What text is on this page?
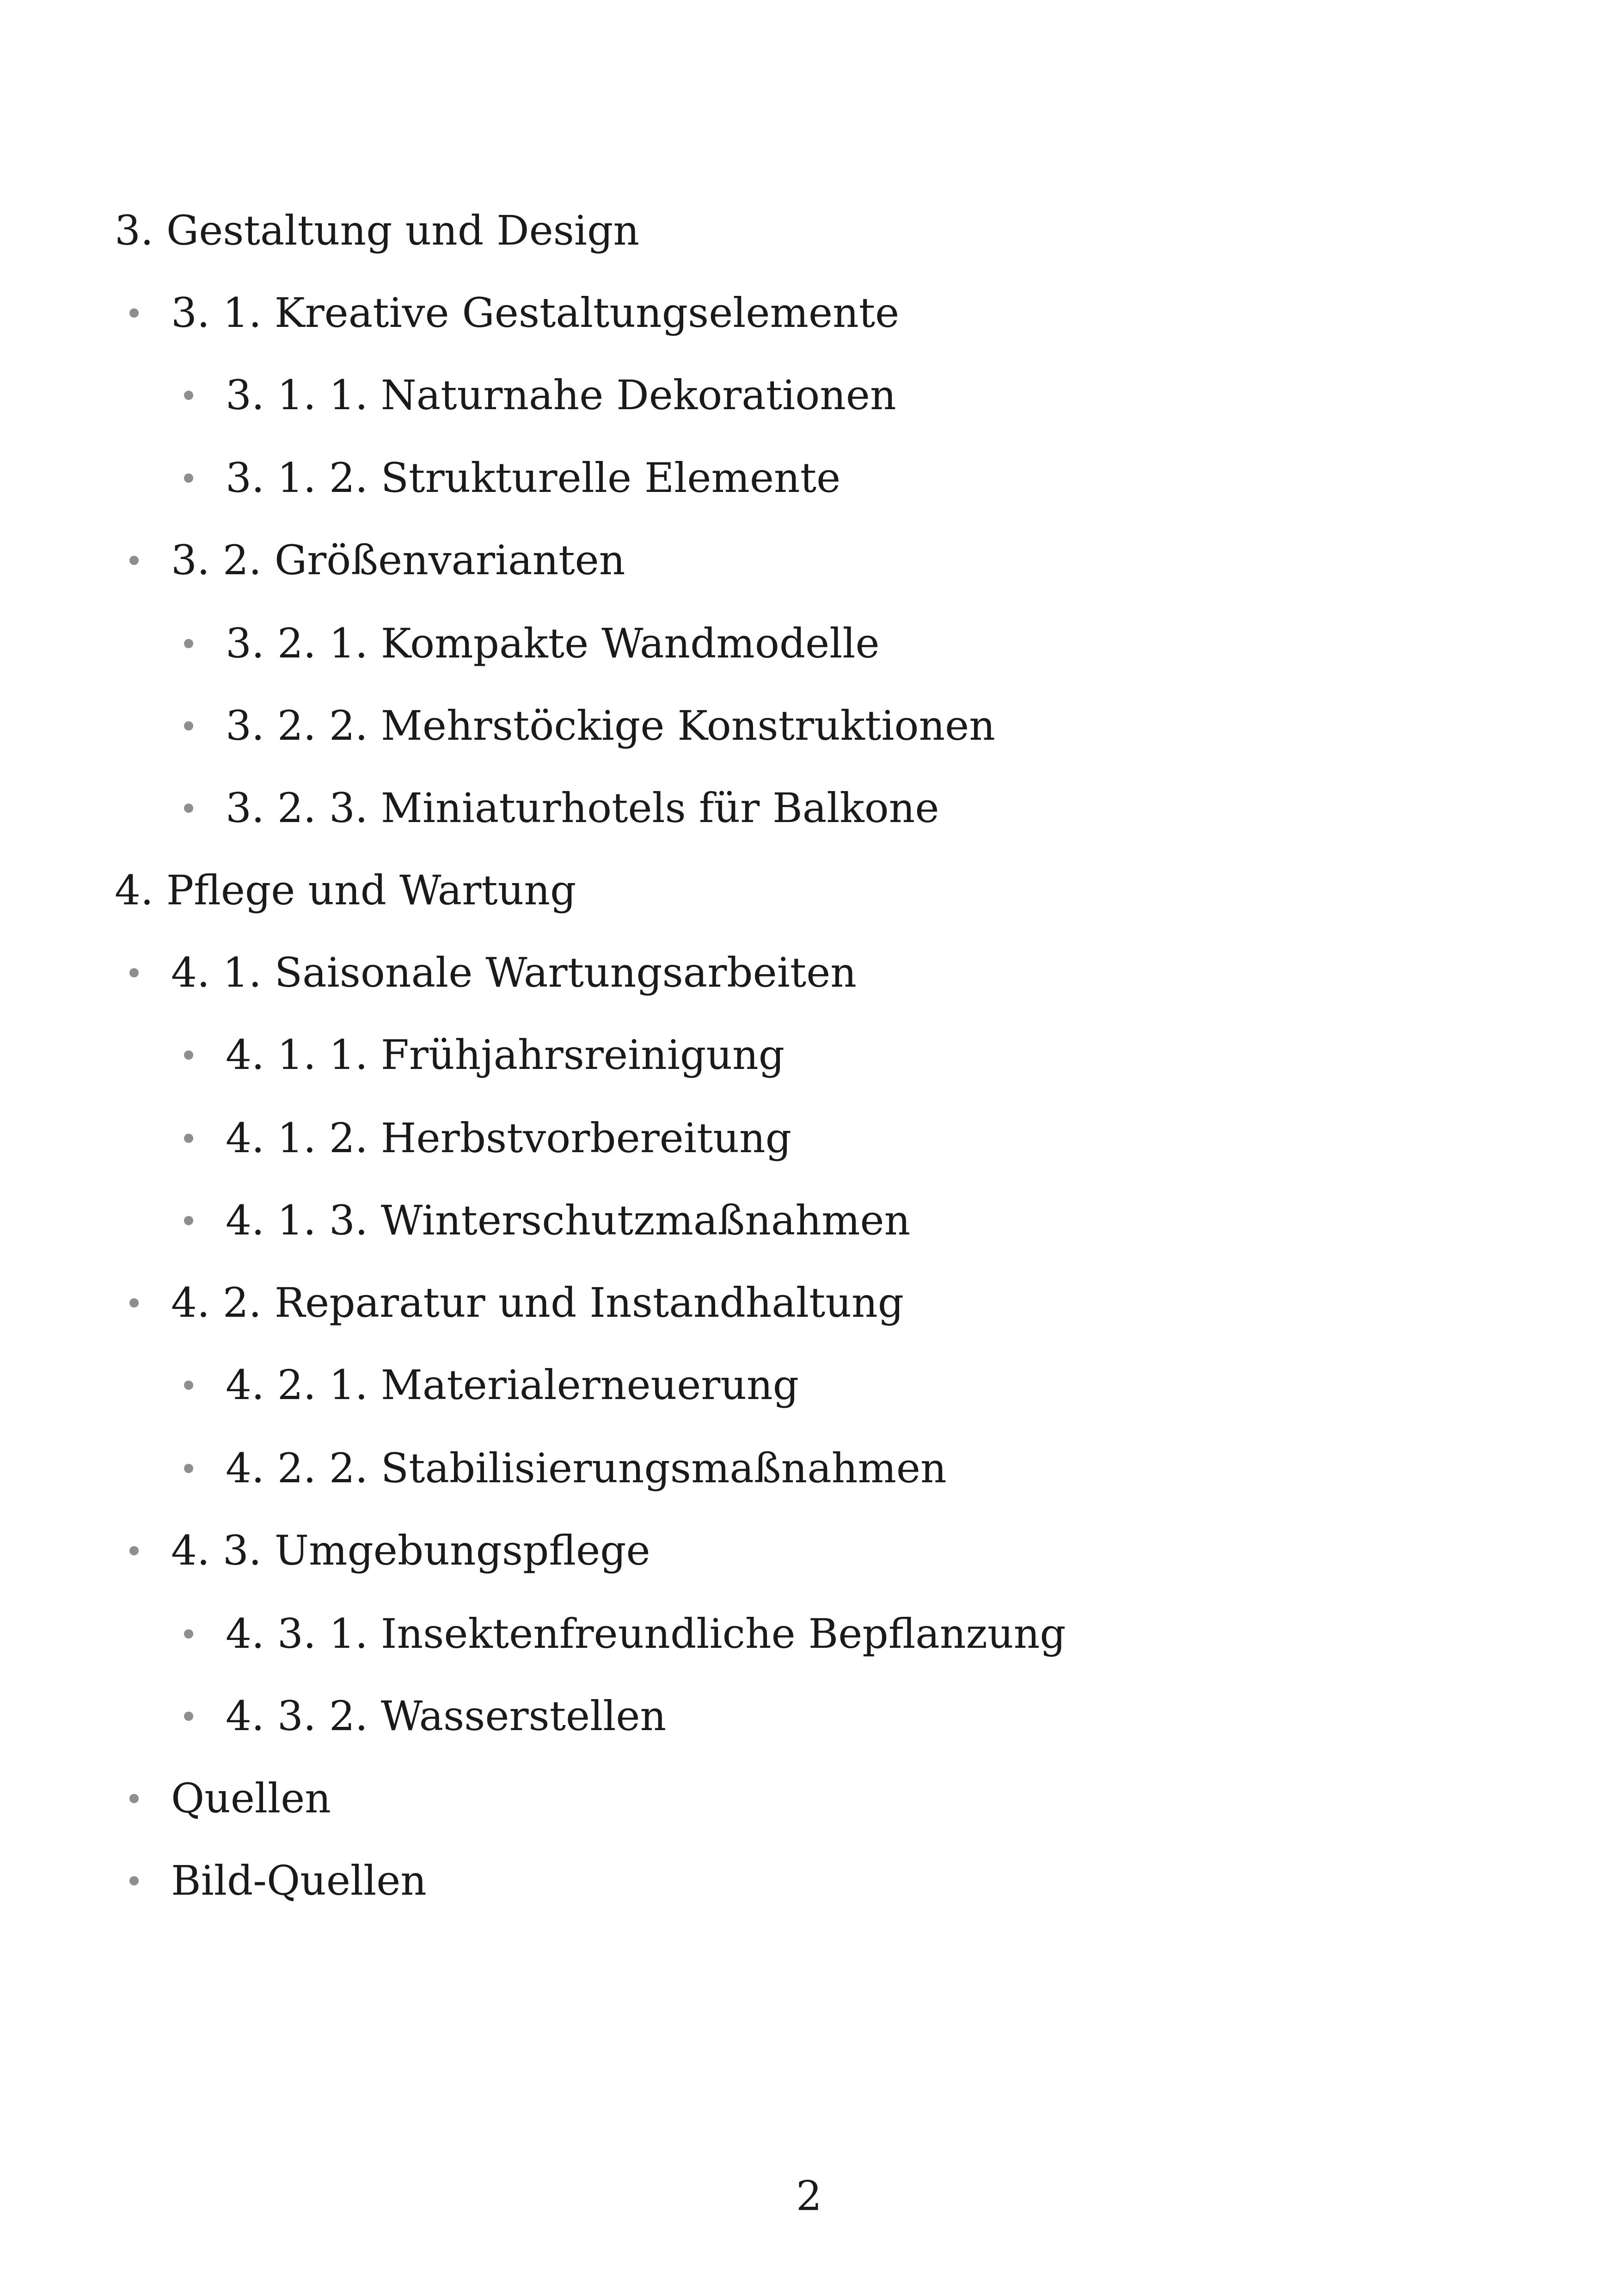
3. Gestaltung und Design
3. 1. Kreative Gestaltungselemente
3. 1. 1. Naturnahe Dekorationen
3. 1. 2. Strukturelle Elemente
3. 2. Größenvarianten
3. 2. 1. Kompakte Wandmodelle
3. 2. 2. Mehrstöckige Konstruktionen
3. 2. 3. Miniaturhotels für Balkone
4. Pflege und Wartung
4. 1. Saisonale Wartungsarbeiten
4. 1. 1. Frühjahrsreinigung
4. 1. 2. Herbstvorbereitung
4. 1. 3. Winterschutzmaßnahmen
4. 2. Reparatur und Instandhaltung
4. 2. 1. Materialerneuerung
4. 2. 2. Stabilisierungsmaßnahmen
4. 3. Umgebungspflege
4. 3. 1. Insektenfreundliche Bepflanzung
4. 3. 2. Wasserstellen
Quellen
Bild-Quellen
2
